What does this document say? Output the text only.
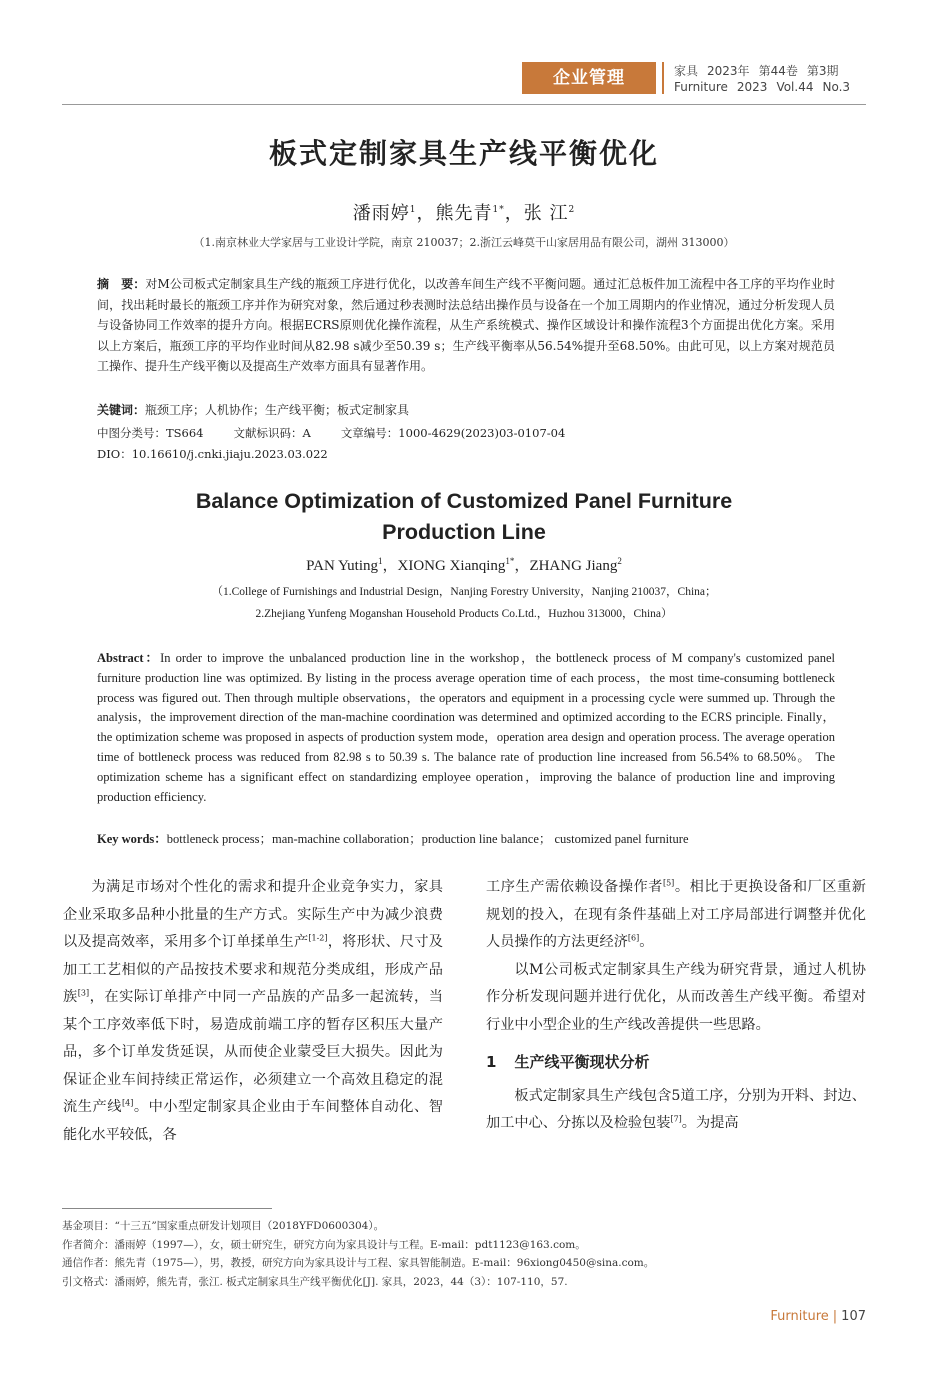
企业管理	家具 2023年 第44卷 第3期
Furniture 2023 Vol.44 No.3
板式定制家具生产线平衡优化
潘雨婷$^1$，熊先青$^{1*}$，张 江$^2$
（1.南京林业大学家居与工业设计学院，南京 210037；2.浙江云峰莫干山家居用品有限公司，湖州 313000）
摘　要：对M公司板式定制家具生产线的瓶颈工序进行优化，以改善车间生产线不平衡问题。通过汇总板件加工流程中各工序的平均作业时间，找出耗时最长的瓶颈工序并作为研究对象，然后通过秒表测时法总结出操作员与设备在一个加工周期内的作业情况，通过分析发现人员与设备协同工作效率的提升方向。根据ECRS原则优化操作流程，从生产系统模式、操作区域设计和操作流程3个方面提出优化方案。采用以上方案后，瓶颈工序的平均作业时间从82.98 s减少至50.39 s；生产线平衡率从56.54%提升至68.50%。由此可见，以上方案对规范员工操作、提升生产线平衡以及提高生产效率方面具有显著作用。
关键词：瓶颈工序；人机协作；生产线平衡；板式定制家具
中图分类号：TS664	文献标识码：A	文章编号：1000-4629(2023)03-0107-04
DIO：10.16610/j.cnki.jiaju.2023.03.022
Balance Optimization of Customized Panel Furniture
Production Line
PAN Yuting$^1$，XIONG Xianqing$^{1*}$，ZHANG Jiang$^2$
（1.College of Furnishings and Industrial Design，Nanjing Forestry University，Nanjing 210037，China；
2.Zhejiang Yunfeng Moganshan Household Products Co.Ltd.，Huzhou 313000，China）
Abstract：In order to improve the unbalanced production line in the workshop，the bottleneck process of M company's customized panel furniture production line was optimized. By listing in the process average operation time of each process，the most time-consuming bottleneck process was figured out. Then through multiple observations，the operators and equipment in a processing cycle were summed up. Through the analysis，the improvement direction of the man-machine coordination was determined and optimized according to the ECRS principle. Finally，the optimization scheme was proposed in aspects of production system mode，operation area design and operation process. The average operation time of bottleneck process was reduced from 82.98 s to 50.39 s. The balance rate of production line increased from 56.54% to 68.50%。 The optimization scheme has a significant effect on standardizing employee operation，improving the balance of production line and improving production efficiency.
Key words：bottleneck process；man-machine collaboration；production line balance； customized panel furniture

为满足市场对个性化的需求和提升企业竞争实力，家具企业采取多品种小批量的生产方式。实际生产中为减少浪费以及提高效率，采用多个订单揉单生产[1-2]，将形状、尺寸及加工工艺相似的产品按技术要求和规范分类成组，形成产品族[3]，在实际订单排产中同一产品族的产品多一起流转，当某个工序效率低下时，易造成前端工序的暂存区积压大量产品，多个订单发货延误，从而使企业蒙受巨大损失。因此为保证企业车间持续正常运作，必须建立一个高效且稳定的混流生产线[4]。中小型定制家具企业由于车间整体自动化、智能化水平较低，各

工序生产需依赖设备操作者[5]。相比于更换设备和厂区重新规划的投入，在现有条件基础上对工序局部进行调整并优化人员操作的方法更经济[6]。

以M公司板式定制家具生产线为研究背景，通过人机协作分析发现问题并进行优化，从而改善生产线平衡。希望对行业中小型企业的生产线改善提供一些思路。

1 生产线平衡现状分析

板式定制家具生产线包含5道工序，分别为开料、封边、加工中心、分拣以及检验包装[7]。为提高

基金项目：“十三五”国家重点研发计划项目（2018YFD0600304）。
作者简介：潘雨婷（1997—），女，硕士研究生，研究方向为家具设计与工程。E-mail：pdt1123@163.com。
通信作者：熊先青（1975—），男，教授，研究方向为家具设计与工程、家具智能制造。E-mail：96xiong0450@sina.com。
引文格式：潘雨婷，熊先青，张江. 板式定制家具生产线平衡优化[J]. 家具，2023，44（3）：107-110，57.
Furniture | 107
